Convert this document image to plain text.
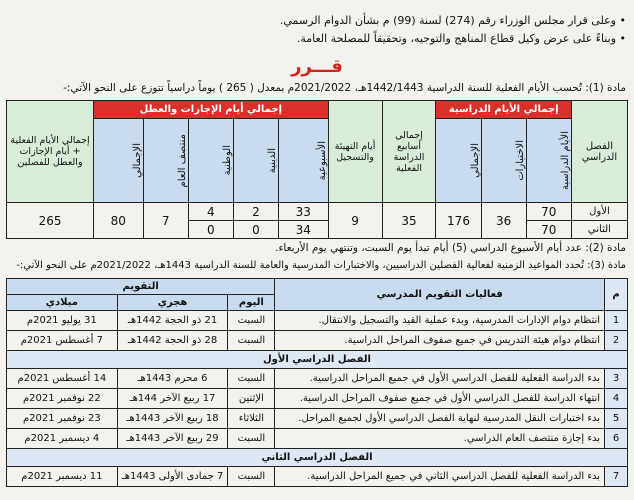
• وعلى قرار مجلس الوزراء رقم (274) لسنة (99) م بشأن الدوام الرسمي.
• وبناءً على عرض وكيل قطاع المناهج والتوجيه، وتحقيقاً للمصلحة العامة.
قـــرر
مادة (1): تُحسب الأيام الفعلية للسنة الدراسية 1442/1443هـ، 2021/2022م بمعدل ( 265 ) يوماً دراسياً تتوزع على النحو الآتي:-
الفصل الدراسي	إجمالي الأيام الدراسية			إجمالي أسابيع الدراسة الفعلية	أيام التهيئة والتسجيل	إجمالي أيام الإجازات والعطل					إجمالي الأيام الفعلية + أيام الإجازات والعطل للفصلين

	الأيام الدراسية	الاختبارات	الإجمالي			الأسبوعية	الدينية	الوطنية	منتصف العام	الإجمالي	

الأول	70	36	176	35	9	33	2	4	7	80	265
الثاني	70					34	0	0			
مادة (2): عدد أيام الأسبوع الدراسي (5) أيام تبدأ يوم السبت، وتنتهي يوم الأربعاء.
مادة (3): تُحدد المواعيد الزمنية لفعالية الفصلين الدراسيين، والاختبارات المدرسية والعامة للسنة الدراسية 1443هـ، 2021/2022م على النحو الآتي:-
م	فعاليات التقويم المدرسي	التقويم		
		اليوم	هجري	ميلادي
1	انتظام دوام الإدارات المدرسية، وبدء عملية القيد والتسجيل والانتقال.	السبت	21 ذو الحجة 1442هـ	31 يوليو 2021م
2	انتظام دوام هيئة التدريس في جميع صفوف المراحل الدراسية.	السبت	28 ذو الحجة 1442هـ	7 أغسطس 2021م
الفصل الدراسي الأول				
3	بدء الدراسة الفعلية للفصل الدراسي الأول في جميع المراحل الدراسية.	السبت	6 محرم 1443هـ	14 أغسطس 2021م
4	انتهاء الدراسة للفصل الدراسي الأول في جميع صفوف المراحل الدراسية.	الإثنين	17 ربيع الآخر 144هـ	22 نوفمبر 2021م
5	بدء اختبارات النقل المدرسية لنهاية الفصل الدراسي الأول لجميع المراحل.	الثلاثاء	18 ربيع الآخر 1443هـ	23 نوفمبر 2021م
6	بدء إجازة منتصف العام الدراسي.	السبت	29 ربيع الآخر 1443هـ	4 ديسمبر 2021م
الفصل الدراسي الثاني				
7	بدء الدراسة الفعلية للفصل الدراسي الثاني في جميع المراحل الدراسية.	السبت	7 جمادى الأولى 1443هـ	11 ديسمبر 2021م
